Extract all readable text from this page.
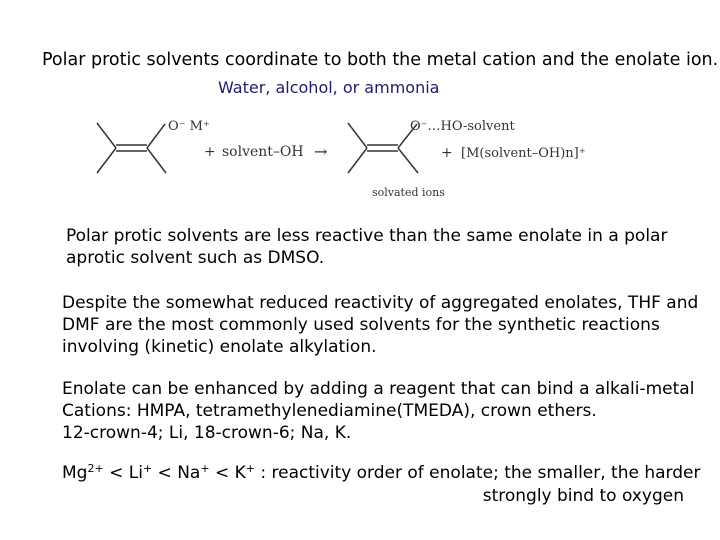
Polar protic solvents coordinate to both the metal cation and the enolate ion.
Water, alcohol, or ammonia
O⁻ M⁺
+ solvent–OH →
O⁻…HO-solvent
+ [M(solvent–OH)n]⁺
solvated ions
Polar protic solvents are less reactive than the same enolate in a polar
aprotic solvent such as DMSO.
Despite the somewhat reduced reactivity of aggregated enolates, THF and
DMF are the most commonly used solvents for the synthetic reactions
involving (kinetic) enolate alkylation.
Enolate can be enhanced by adding a reagent that can bind a alkali-metal
Cations: HMPA, tetramethylenediamine(TMEDA), crown ethers.
12-crown-4; Li, 18-crown-6; Na, K.
$Mg^{2+} < Li^+ < Na^+ < K^+$ : reactivity order of enolate; the smaller, the harder
strongly bind to oxygen
